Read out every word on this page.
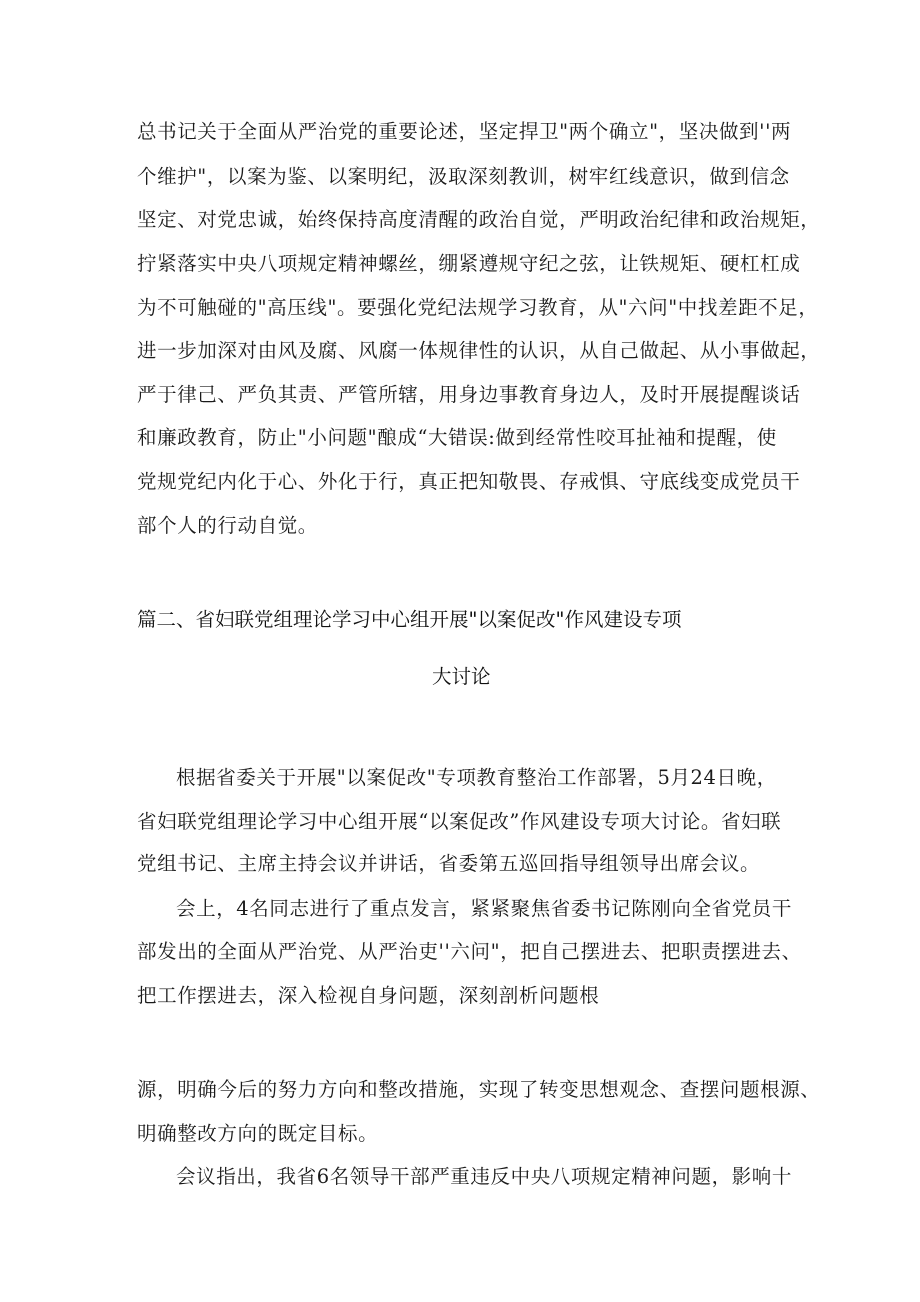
总书记关于全面从严治党的重要论述，坚定捍卫"两个确立"，坚决做到''两
个维护"，以案为鉴、以案明纪，汲取深刻教训，树牢红线意识，做到信念
坚定、对党忠诚，始终保持高度清醒的政治自觉，严明政治纪律和政治规矩，
拧紧落实中央八项规定精神螺丝，绷紧遵规守纪之弦，让铁规矩、硬杠杠成
为不可触碰的"高压线"。要强化党纪法规学习教育，从"六问"中找差距不足，
进一步加深对由风及腐、风腐一体规律性的认识，从自己做起、从小事做起，
严于律己、严负其责、严管所辖，用身边事教育身边人，及时开展提醒谈话
和廉政教育，防止"小问题"酿成“大错误:做到经常性咬耳扯袖和提醒，使
党规党纪内化于心、外化于行，真正把知敬畏、存戒惧、守底线变成党员干
部个人的行动自觉。
篇二、省妇联党组理论学习中心组开展"以案促改"作风建设专项
大讨论
根据省委关于开展"以案促改"专项教育整治工作部署，5月24日晚，
省妇联党组理论学习中心组开展“以案促改”作风建设专项大讨论。省妇联
党组书记、主席主持会议并讲话，省委第五巡回指导组领导出席会议。
会上，4名同志进行了重点发言，紧紧聚焦省委书记陈刚向全省党员干
部发出的全面从严治党、从严治吏''六问"，把自己摆进去、把职责摆进去、
把工作摆进去，深入检视自身问题，深刻剖析问题根
源，明确今后的努力方向和整改措施，实现了转变思想观念、查摆问题根源、
明确整改方向的既定目标。
会议指出，我省6名领导干部严重违反中央八项规定精神问题，影响十
